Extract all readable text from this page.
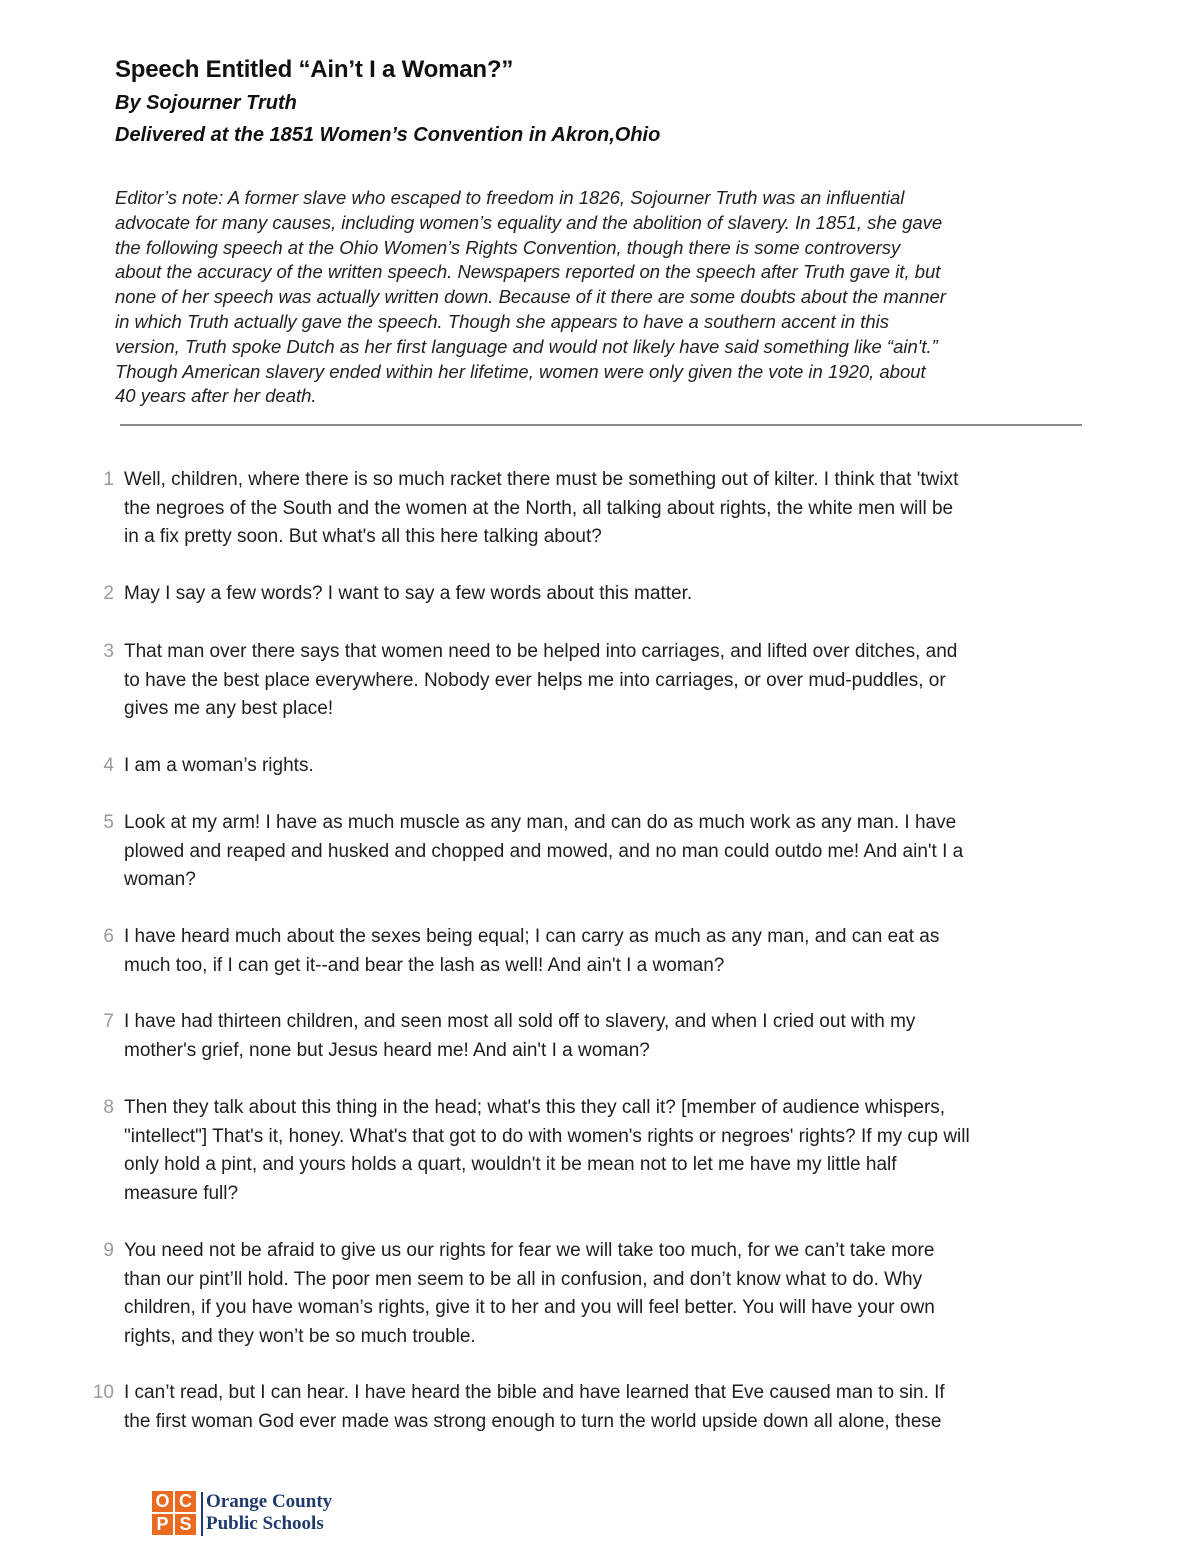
Speech Entitled “Ain’t I a Woman?”
By Sojourner Truth
Delivered at the 1851 Women’s Convention in Akron,Ohio
Editor’s note: A former slave who escaped to freedom in 1826, Sojourner Truth was an influential
advocate for many causes, including women’s equality and the abolition of slavery. In 1851, she gave
the following speech at the Ohio Women’s Rights Convention, though there is some controversy
about the accuracy of the written speech. Newspapers reported on the speech after Truth gave it, but
none of her speech was actually written down. Because of it there are some doubts about the manner
in which Truth actually gave the speech. Though she appears to have a southern accent in this
version, Truth spoke Dutch as her first language and would not likely have said something like “ain't.”
Though American slavery ended within her lifetime, women were only given the vote in 1920, about
40 years after her death.
1 Well, children, where there is so much racket there must be something out of kilter. I think that 'twixt
the negroes of the South and the women at the North, all talking about rights, the white men will be
in a fix pretty soon. But what's all this here talking about?
2 May I say a few words? I want to say a few words about this matter.
3 That man over there says that women need to be helped into carriages, and lifted over ditches, and
to have the best place everywhere. Nobody ever helps me into carriages, or over mud-puddles, or
gives me any best place!
4 I am a woman’s rights.
5 Look at my arm! I have as much muscle as any man, and can do as much work as any man. I have
plowed and reaped and husked and chopped and mowed, and no man could outdo me! And ain't I a
woman?
6 I have heard much about the sexes being equal; I can carry as much as any man, and can eat as
much too, if I can get it--and bear the lash as well! And ain't I a woman?
7 I have had thirteen children, and seen most all sold off to slavery, and when I cried out with my
mother's grief, none but Jesus heard me! And ain't I a woman?
8 Then they talk about this thing in the head; what's this they call it? [member of audience whispers,
"intellect"] That's it, honey. What's that got to do with women's rights or negroes' rights? If my cup will
only hold a pint, and yours holds a quart, wouldn't it be mean not to let me have my little half
measure full?
9 You need not be afraid to give us our rights for fear we will take too much, for we can’t take more
than our pint’ll hold. The poor men seem to be all in confusion, and don’t know what to do. Why
children, if you have woman’s rights, give it to her and you will feel better. You will have your own
rights, and they won’t be so much trouble.
10 I can’t read, but I can hear. I have heard the bible and have learned that Eve caused man to sin. If
the first woman God ever made was strong enough to turn the world upside down all alone, these
O C
P S
Orange County
Public Schools
